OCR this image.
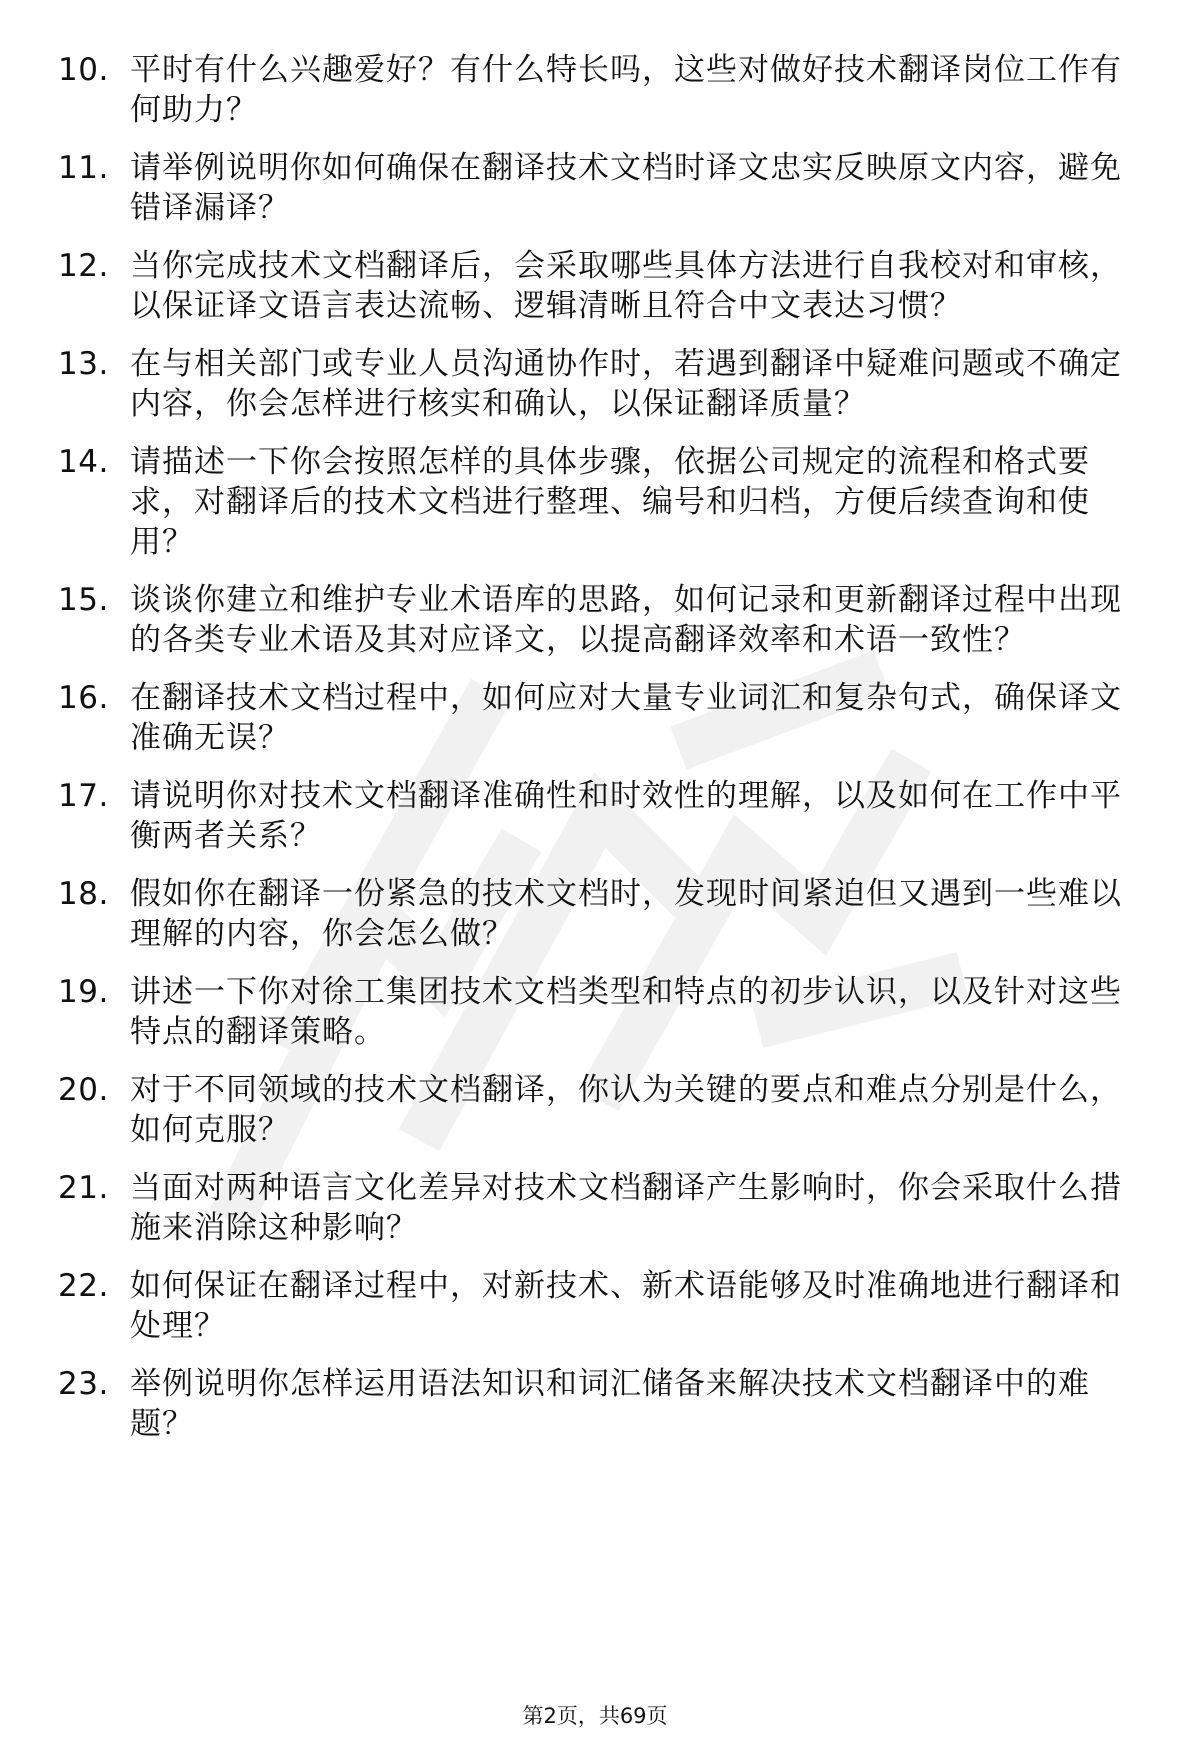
10. 平时有什么兴趣爱好？有什么特长吗，这些对做好技术翻译岗位工作有何助力？
11. 请举例说明你如何确保在翻译技术文档时译文忠实反映原文内容，避免错译漏译？
12. 当你完成技术文档翻译后，会采取哪些具体方法进行自我校对和审核，以保证译文语言表达流畅、逻辑清晰且符合中文表达习惯？
13. 在与相关部门或专业人员沟通协作时，若遇到翻译中疑难问题或不确定内容，你会怎样进行核实和确认，以保证翻译质量？
14. 请描述一下你会按照怎样的具体步骤，依据公司规定的流程和格式要求，对翻译后的技术文档进行整理、编号和归档，方便后续查询和使用？
15. 谈谈你建立和维护专业术语库的思路，如何记录和更新翻译过程中出现的各类专业术语及其对应译文，以提高翻译效率和术语一致性？
16. 在翻译技术文档过程中，如何应对大量专业词汇和复杂句式，确保译文准确无误？
17. 请说明你对技术文档翻译准确性和时效性的理解，以及如何在工作中平衡两者关系？
18. 假如你在翻译一份紧急的技术文档时，发现时间紧迫但又遇到一些难以理解的内容，你会怎么做？
19. 讲述一下你对徐工集团技术文档类型和特点的初步认识，以及针对这些特点的翻译策略。
20. 对于不同领域的技术文档翻译，你认为关键的要点和难点分别是什么，如何克服？
21. 当面对两种语言文化差异对技术文档翻译产生影响时，你会采取什么措施来消除这种影响？
22. 如何保证在翻译过程中，对新技术、新术语能够及时准确地进行翻译和处理？
23. 举例说明你怎样运用语法知识和词汇储备来解决技术文档翻译中的难题？
第2页，共69页
